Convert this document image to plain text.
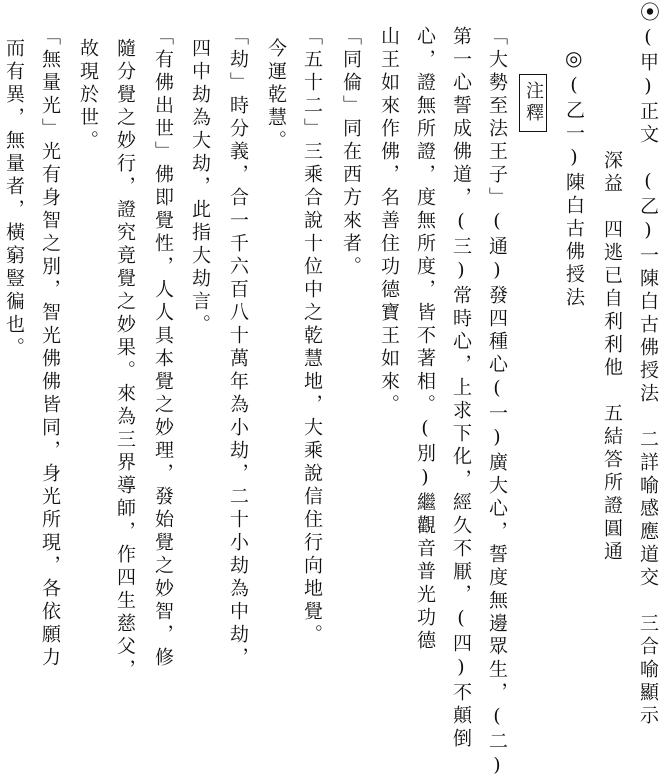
⦿
(甲)正文　(乙)一陳白古佛授法　二詳喻感應道交　三合喻顯示
深益　四逃已自利利他　五結答所證圓通
◎
(乙一)陳白古佛授法
注釋
「大勢至法王子」(通)發四種心(一)廣大心，誓度無邊眾生，(二)
第一心誓成佛道，(三)常時心，上求下化，經久不厭，(四)不顛倒
心，證無所證，度無所度，皆不著相。(別)繼觀音普光功德
山王如來作佛，名善住功德寶王如來。
「同倫」同在西方來者。
「五十二」三乘合說十位中之乾慧地，大乘說信住行向地覺。
今運乾慧。
「劫」時分義，合一千六百八十萬年為小劫，二十小劫為中劫，
四中劫為大劫，此指大劫言。
「有佛出世」佛即覺性，人人具本覺之妙理，發始覺之妙智，修
隨分覺之妙行，證究竟覺之妙果。來為三界導師，作四生慈父，
故現於世。
「無量光」光有身智之別，智光佛佛皆同，身光所現，各依願力
而有異，無量者，橫窮豎徧也。
